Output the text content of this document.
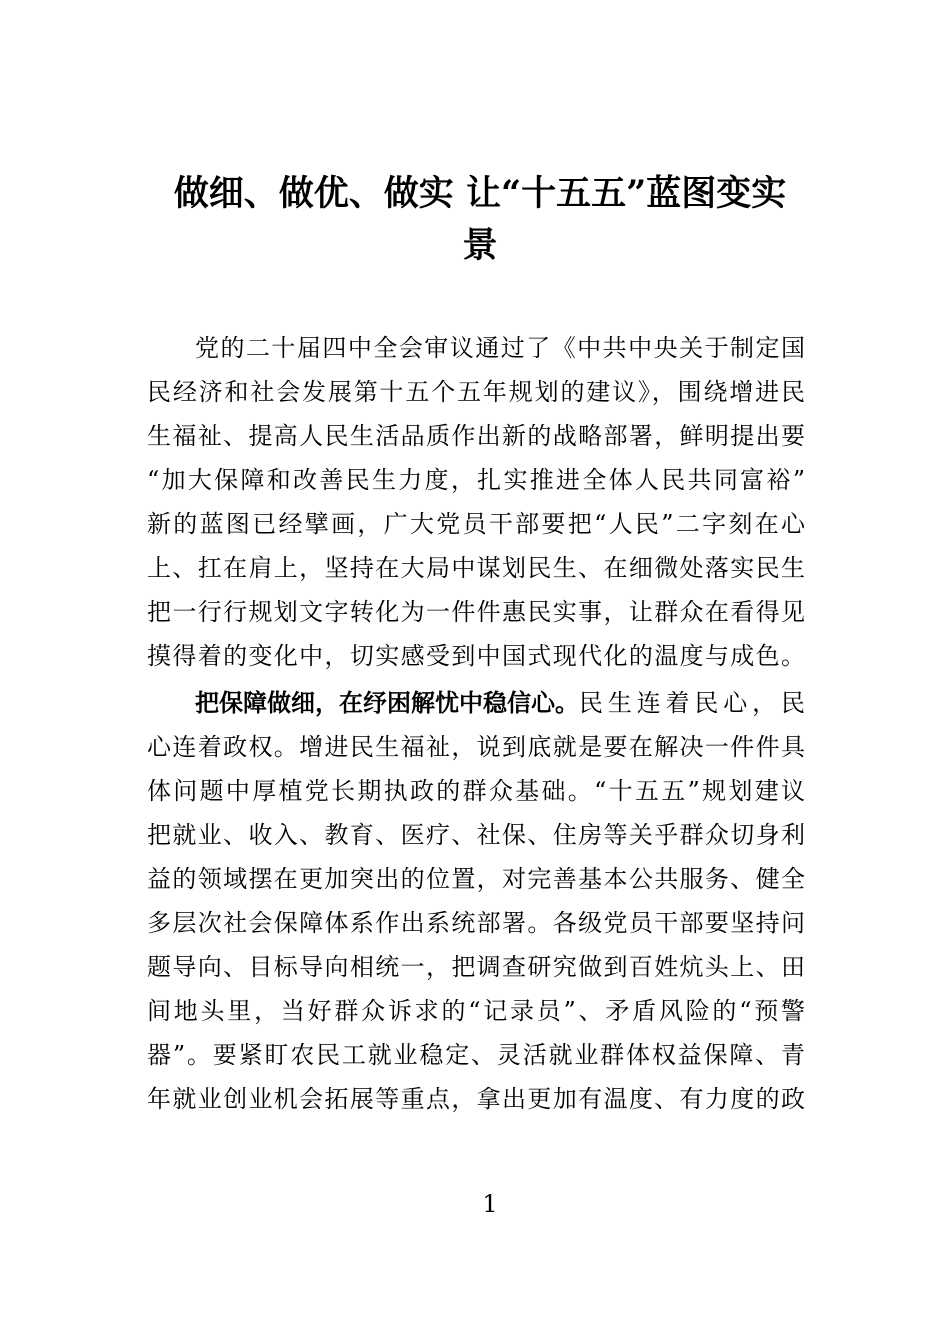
做细、做优、做实 让“十五五”蓝图变实
景
党的二十届四中全会审议通过了《中共中央关于制定国
民经济和社会发展第十五个五年规划的建议》，围绕增进民
生福祉、提高人民生活品质作出新的战略部署，鲜明提出要
“加大保障和改善民生力度，扎实推进全体人民共同富裕”
新的蓝图已经擘画，广大党员干部要把“人民”二字刻在心
上、扛在肩上，坚持在大局中谋划民生、在细微处落实民生
把一行行规划文字转化为一件件惠民实事，让群众在看得见
摸得着的变化中，切实感受到中国式现代化的温度与成色。
把保障做细，在纾困解忧中稳信心。 民生连着民心，民
心连着政权。增进民生福祉，说到底就是要在解决一件件具
体问题中厚植党长期执政的群众基础。“十五五”规划建议
把就业、收入、教育、医疗、社保、住房等关乎群众切身利
益的领域摆在更加突出的位置，对完善基本公共服务、健全
多层次社会保障体系作出系统部署。各级党员干部要坚持问
题导向、目标导向相统一，把调查研究做到百姓炕头上、田
间地头里，当好群众诉求的“记录员”、矛盾风险的“预警
器”。要紧盯农民工就业稳定、灵活就业群体权益保障、青
年就业创业机会拓展等重点，拿出更加有温度、有力度的政
1
